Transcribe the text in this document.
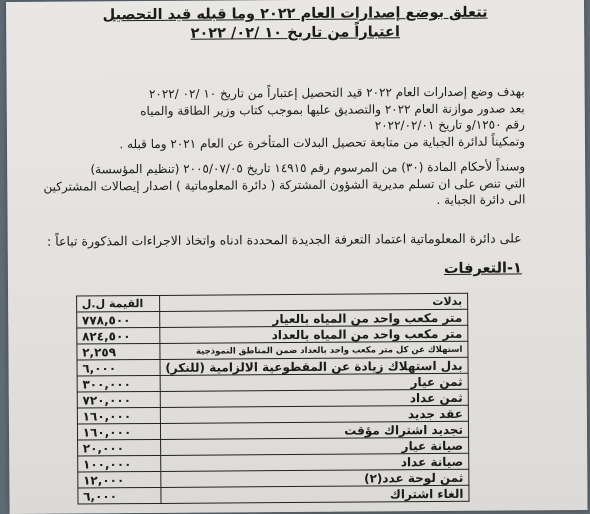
تتعلق بوضع إصدارات العام ٢٠٢٢ وما قبله قيد التحصيل
اعتباراً من تاريخ ١٠ /٠٢/ ٢٠٢٢
بهدف وضع إصدارات العام ٢٠٢٢ قيد التحصيل إعتباراً من تاريخ ١٠ /٠٢ /٢٠٢٢
بعد صدور موازنة العام ٢٠٢٢ والتصديق عليها بموجب كتاب وزير الطاقة والمياه
رقم ١٢٥٠/و تاريخ ٢٠٢٢/٠٢/٠١
وتمكيناً لدائرة الجباية من متابعة تحصيل البدلات المتأخرة عن العام ٢٠٢١ وما قبله .
وسنداً لأحكام المادة (٣٠) من المرسوم رقم ١٤٩١٥ تاريخ ٢٠٠٥/٠٧/٠٥ (تنظيم المؤسسة)
التي تنص على ان تسلم مديرية الشؤون المشتركة ( دائرة المعلوماتية ) اصدار إيصالات المشتركين
الى دائرة الجباية .
على دائرة المعلوماتية اعتماد التعرفة الجديدة المحددة ادناه واتخاذ الاجراءات المذكورة تباعاً :
١-التعرفات
بدلات	القيمة ل.ل
متر مكعب واحد من المياه بالعيار	٧٧٨,٥٠٠
متر مكعب واحد من المياه بالعداد	٨٢٤,٥٠٠
استهلاك عن كل متر مكعب واحد بالعداد ضمن المناطق النموذجية	٢,٢٥٩
بدل استهلاك زيادة عن المقطوعية الالزامية (للنكر)	٦,٠٠٠
ثمن عيار	٣٠٠,٠٠٠
ثمن عداد	٧٢٠,٠٠٠
عقد جديد	١٦٠,٠٠٠
تجديد اشتراك مؤقت	١٦٠,٠٠٠
صيانة عيار	٢٠,٠٠٠
صيانة عداد	١٠٠,٠٠٠
ثمن لوحة عدد(٢)	١٢,٠٠٠
الغاء اشتراك	٦,٠٠٠
